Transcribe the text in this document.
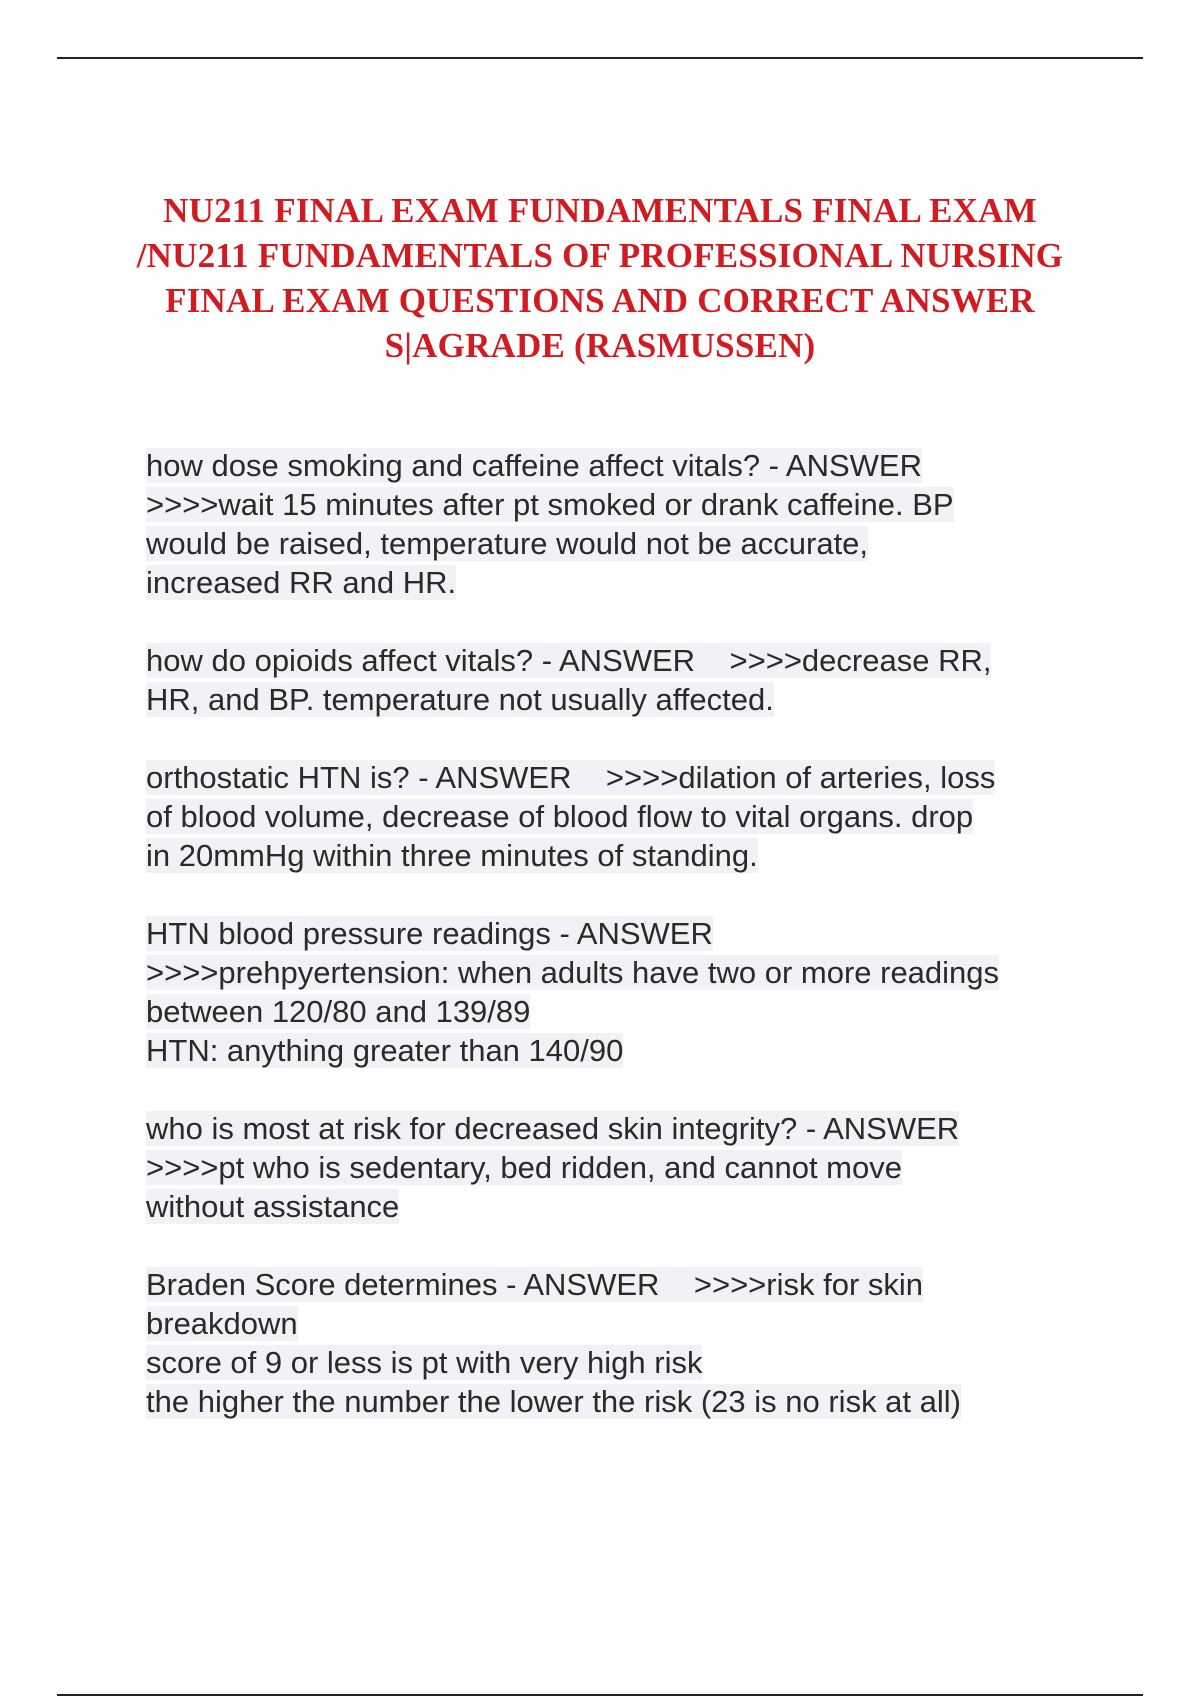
NU211 FINAL EXAM FUNDAMENTALS FINAL EXAM
/NU211 FUNDAMENTALS OF PROFESSIONAL NURSING
FINAL EXAM QUESTIONS AND CORRECT ANSWER
S|AGRADE (RASMUSSEN)
how dose smoking and caffeine affect vitals? - ANSWER
>>>>wait 15 minutes after pt smoked or drank caffeine. BP
would be raised, temperature would not be accurate,
increased RR and HR.
how do opioids affect vitals? - ANSWER    >>>>decrease RR,
HR, and BP. temperature not usually affected.
orthostatic HTN is? - ANSWER    >>>>dilation of arteries, loss
of blood volume, decrease of blood flow to vital organs. drop
in 20mmHg within three minutes of standing.
HTN blood pressure readings - ANSWER
>>>>prehpyertension: when adults have two or more readings
between 120/80 and 139/89
HTN: anything greater than 140/90
who is most at risk for decreased skin integrity? - ANSWER
>>>>pt who is sedentary, bed ridden, and cannot move
without assistance
Braden Score determines - ANSWER    >>>>risk for skin
breakdown
score of 9 or less is pt with very high risk
the higher the number the lower the risk (23 is no risk at all)
